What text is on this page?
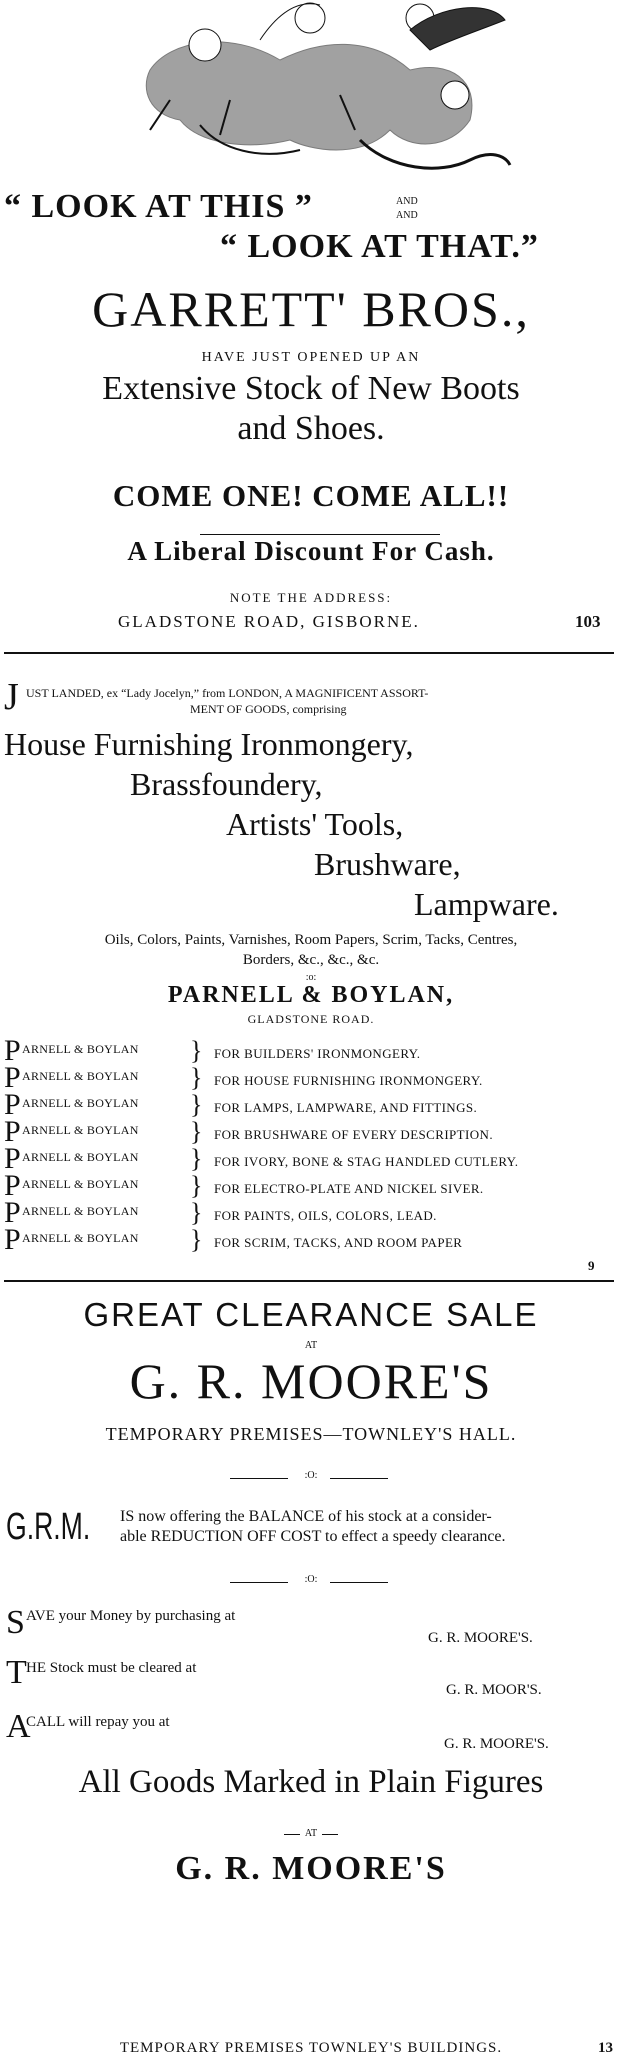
“ LOOK AT THIS ”	AND
AND
“ LOOK AT THAT.”
GARRETT' BROS.,
HAVE JUST OPENED UP AN
Extensive Stock of New Boots
and Shoes.
COME ONE! COME ALL!!
A Liberal Discount For Cash.
NOTE THE ADDRESS:
GLADSTONE ROAD, GISBORNE.	103
J UST LANDED, ex “Lady Jocelyn,” from LONDON, A MAGNIFICENT ASSORT-
MENT OF GOODS, comprising
House Furnishing Ironmongery,
Brassfoundery,
Artists' Tools,
Brushware,
Lampware.
Oils, Colors, Paints, Varnishes, Room Papers, Scrim, Tacks, Centres,
Borders, &c., &c., &c.
:o:
PARNELL & BOYLAN,
GLADSTONE ROAD.
P ARNELL & BOYLAN } FOR BUILDERS' IRONMONGERY.
P ARNELL & BOYLAN } FOR HOUSE FURNISHING IRONMONGERY.
P ARNELL & BOYLAN } FOR LAMPS, LAMPWARE, AND FITTINGS.
P ARNELL & BOYLAN } FOR BRUSHWARE OF EVERY DESCRIPTION.
P ARNELL & BOYLAN } FOR IVORY, BONE & STAG HANDLED CUTLERY.
P ARNELL & BOYLAN } FOR ELECTRO-PLATE AND NICKEL SIVER.
P ARNELL & BOYLAN } FOR PAINTS, OILS, COLORS, LEAD.
P ARNELL & BOYLAN } FOR SCRIM, TACKS, AND ROOM PAPER
9
GREAT CLEARANCE SALE
AT
G. R. MOORE'S
TEMPORARY PREMISES—TOWNLEY'S HALL.
:O:
G.R.M. IS now offering the BALANCE of his stock at a consider-
able REDUCTION OFF COST to effect a speedy clearance.
:O:
S AVE your Money by purchasing at
G. R. MOORE'S.
T HE Stock must be cleared at
G. R. MOOR'S.
A
CALL will repay you at
G. R. MOORE'S.
All Goods Marked in Plain Figures
AT
G. R. MOORE'S
TEMPORARY PREMISES TOWNLEY'S BUILDINGS.	13
